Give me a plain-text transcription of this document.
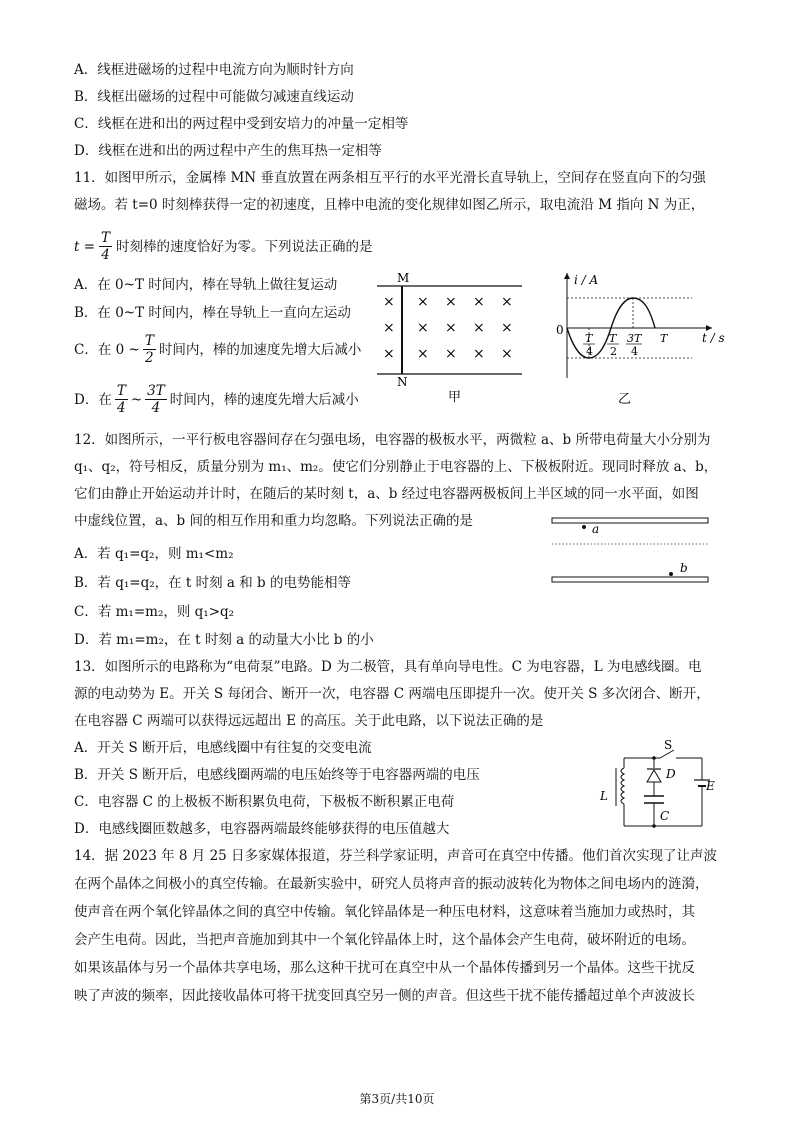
A．线框进磁场的过程中电流方向为顺时针方向
B．线框出磁场的过程中可能做匀减速直线运动
C．线框在进和出的两过程中受到安培力的冲量一定相等
D．线框在进和出的两过程中产生的焦耳热一定相等
11．如图甲所示，金属棒 MN 垂直放置在两条相互平行的水平光滑长直导轨上，空间存在竖直向下的匀强
磁场。若 t=0 时刻棒获得一定的初速度，且棒中电流的变化规律如图乙所示，取电流沿 M 指向 N 为正，
$t = \frac{T}{4}$ 时刻棒的速度恰好为零。下列说法正确的是
A．在 0~T 时间内，棒在导轨上做往复运动
B．在 0~T 时间内，棒在导轨上一直向左运动
C．在 0 ~ $\frac{T}{2}$ 时间内，棒的加速度先增大后减小
D．在 $\frac{T}{4}$ ~ $\frac{3T}{4}$ 时间内，棒的速度先增大后减小
M
N
× × × × ×
× × × × ×
× × × × ×
甲
i / A
t / s
0
T
4
T
2
3T
4
T
乙
12．如图所示，一平行板电容器间存在匀强电场，电容器的极板水平，两微粒 a、b 所带电荷量大小分别为
q₁、q₂，符号相反，质量分别为 m₁、m₂。使它们分别静止于电容器的上、下极板附近。现同时释放 a、b，
它们由静止开始运动并计时，在随后的某时刻 t，a、b 经过电容器两极板间上半区域的同一水平面，如图
中虚线位置，a、b 间的相互作用和重力均忽略。下列说法正确的是
A．若 q₁=q₂，则 m₁<m₂
B．若 q₁=q₂，在 t 时刻 a 和 b 的电势能相等
C．若 m₁=m₂，则 q₁>q₂
D．若 m₁=m₂，在 t 时刻 a 的动量大小比 b 的小
a
b
13．如图所示的电路称为“电荷泵”电路。D 为二极管，具有单向导电性。C 为电容器，L 为电感线圈。电
源的电动势为 E。开关 S 每闭合、断开一次，电容器 C 两端电压即提升一次。使开关 S 多次闭合、断开，
在电容器 C 两端可以获得远远超出 E 的高压。关于此电路，以下说法正确的是
A．开关 S 断开后，电感线圈中有往复的交变电流
B．开关 S 断开后，电感线圈两端的电压始终等于电容器两端的电压
C．电容器 C 的上极板不断积累负电荷，下极板不断积累正电荷
D．电感线圈匝数越多，电容器两端最终能够获得的电压值越大
S
D
E
L
C
14．据 2023 年 8 月 25 日多家媒体报道，芬兰科学家证明，声音可在真空中传播。他们首次实现了让声波
在两个晶体之间极小的真空传输。在最新实验中，研究人员将声音的振动波转化为物体之间电场内的涟漪，
使声音在两个氧化锌晶体之间的真空中传输。氧化锌晶体是一种压电材料，这意味着当施加力或热时，其
会产生电荷。因此，当把声音施加到其中一个氧化锌晶体上时，这个晶体会产生电荷，破坏附近的电场。
如果该晶体与另一个晶体共享电场，那么这种干扰可在真空中从一个晶体传播到另一个晶体。这些干扰反
映了声波的频率，因此接收晶体可将干扰变回真空另一侧的声音。但这些干扰不能传播超过单个声波波长
第3页/共10页
